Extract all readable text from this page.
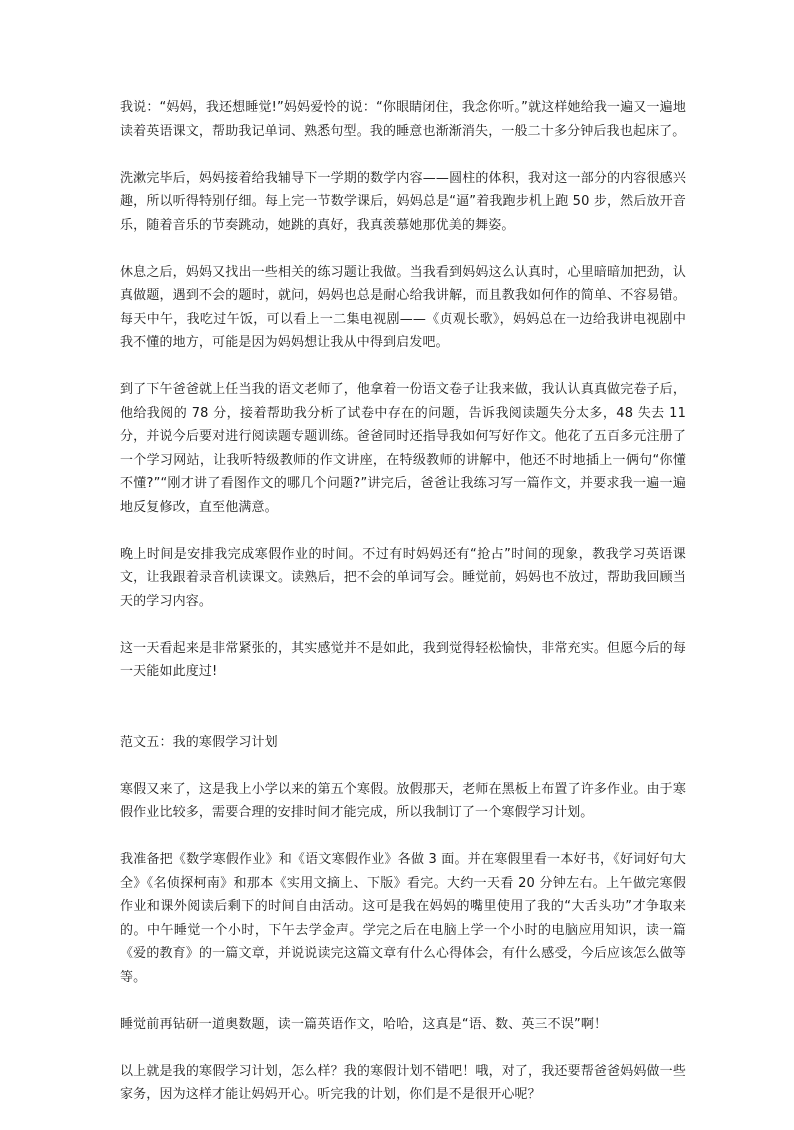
我说：“妈妈，我还想睡觉!”妈妈爱怜的说：“你眼睛闭住，我念你听。”就这样她给我一遍又一遍地读着英语课文，帮助我记单词、熟悉句型。我的睡意也渐渐消失，一般二十多分钟后我也起床了。

洗漱完毕后，妈妈接着给我辅导下一学期的数学内容——圆柱的体积，我对这一部分的内容很感兴趣，所以听得特别仔细。每上完一节数学课后，妈妈总是“逼”着我跑步机上跑 50 步，然后放开音乐，随着音乐的节奏跳动，她跳的真好，我真羡慕她那优美的舞姿。

休息之后，妈妈又找出一些相关的练习题让我做。当我看到妈妈这么认真时，心里暗暗加把劲，认真做题，遇到不会的题时，就问，妈妈也总是耐心给我讲解，而且教我如何作的简单、不容易错。每天中午，我吃过午饭，可以看上一二集电视剧——《贞观长歌》，妈妈总在一边给我讲电视剧中我不懂的地方，可能是因为妈妈想让我从中得到启发吧。

到了下午爸爸就上任当我的语文老师了，他拿着一份语文卷子让我来做，我认认真真做完卷子后，他给我阅的 78 分，接着帮助我分析了试卷中存在的问题，告诉我阅读题失分太多，48 失去 11 分，并说今后要对进行阅读题专题训练。爸爸同时还指导我如何写好作文。他花了五百多元注册了一个学习网站，让我听特级教师的作文讲座，在特级教师的讲解中，他还不时地插上一俩句“你懂不懂?”“刚才讲了看图作文的哪几个问题?”讲完后，爸爸让我练习写一篇作文，并要求我一遍一遍地反复修改，直至他满意。

晚上时间是安排我完成寒假作业的时间。不过有时妈妈还有“抢占”时间的现象，教我学习英语课文，让我跟着录音机读课文。读熟后，把不会的单词写会。睡觉前，妈妈也不放过，帮助我回顾当天的学习内容。

这一天看起来是非常紧张的，其实感觉并不是如此，我到觉得轻松愉快，非常充实。但愿今后的每一天能如此度过!

范文五：我的寒假学习计划

寒假又来了，这是我上小学以来的第五个寒假。放假那天，老师在黑板上布置了许多作业。由于寒假作业比较多，需要合理的安排时间才能完成，所以我制订了一个寒假学习计划。

我准备把《数学寒假作业》和《语文寒假作业》各做 3 面。并在寒假里看一本好书，《好词好句大全》《名侦探柯南》和那本《实用文摘上、下版》看完。大约一天看 20 分钟左右。上午做完寒假作业和课外阅读后剩下的时间自由活动。这可是我在妈妈的嘴里使用了我的“大舌头功”才争取来的。中午睡觉一个小时，下午去学金声。学完之后在电脑上学一个小时的电脑应用知识，读一篇《爱的教育》的一篇文章，并说说读完这篇文章有什么心得体会，有什么感受，今后应该怎么做等等。

睡觉前再钻研一道奥数题，读一篇英语作文，哈哈，这真是“语、数、英三不误”啊！

以上就是我的寒假学习计划，怎么样？我的寒假计划不错吧！哦，对了，我还要帮爸爸妈妈做一些家务，因为这样才能让妈妈开心。听完我的计划，你们是不是很开心呢？
